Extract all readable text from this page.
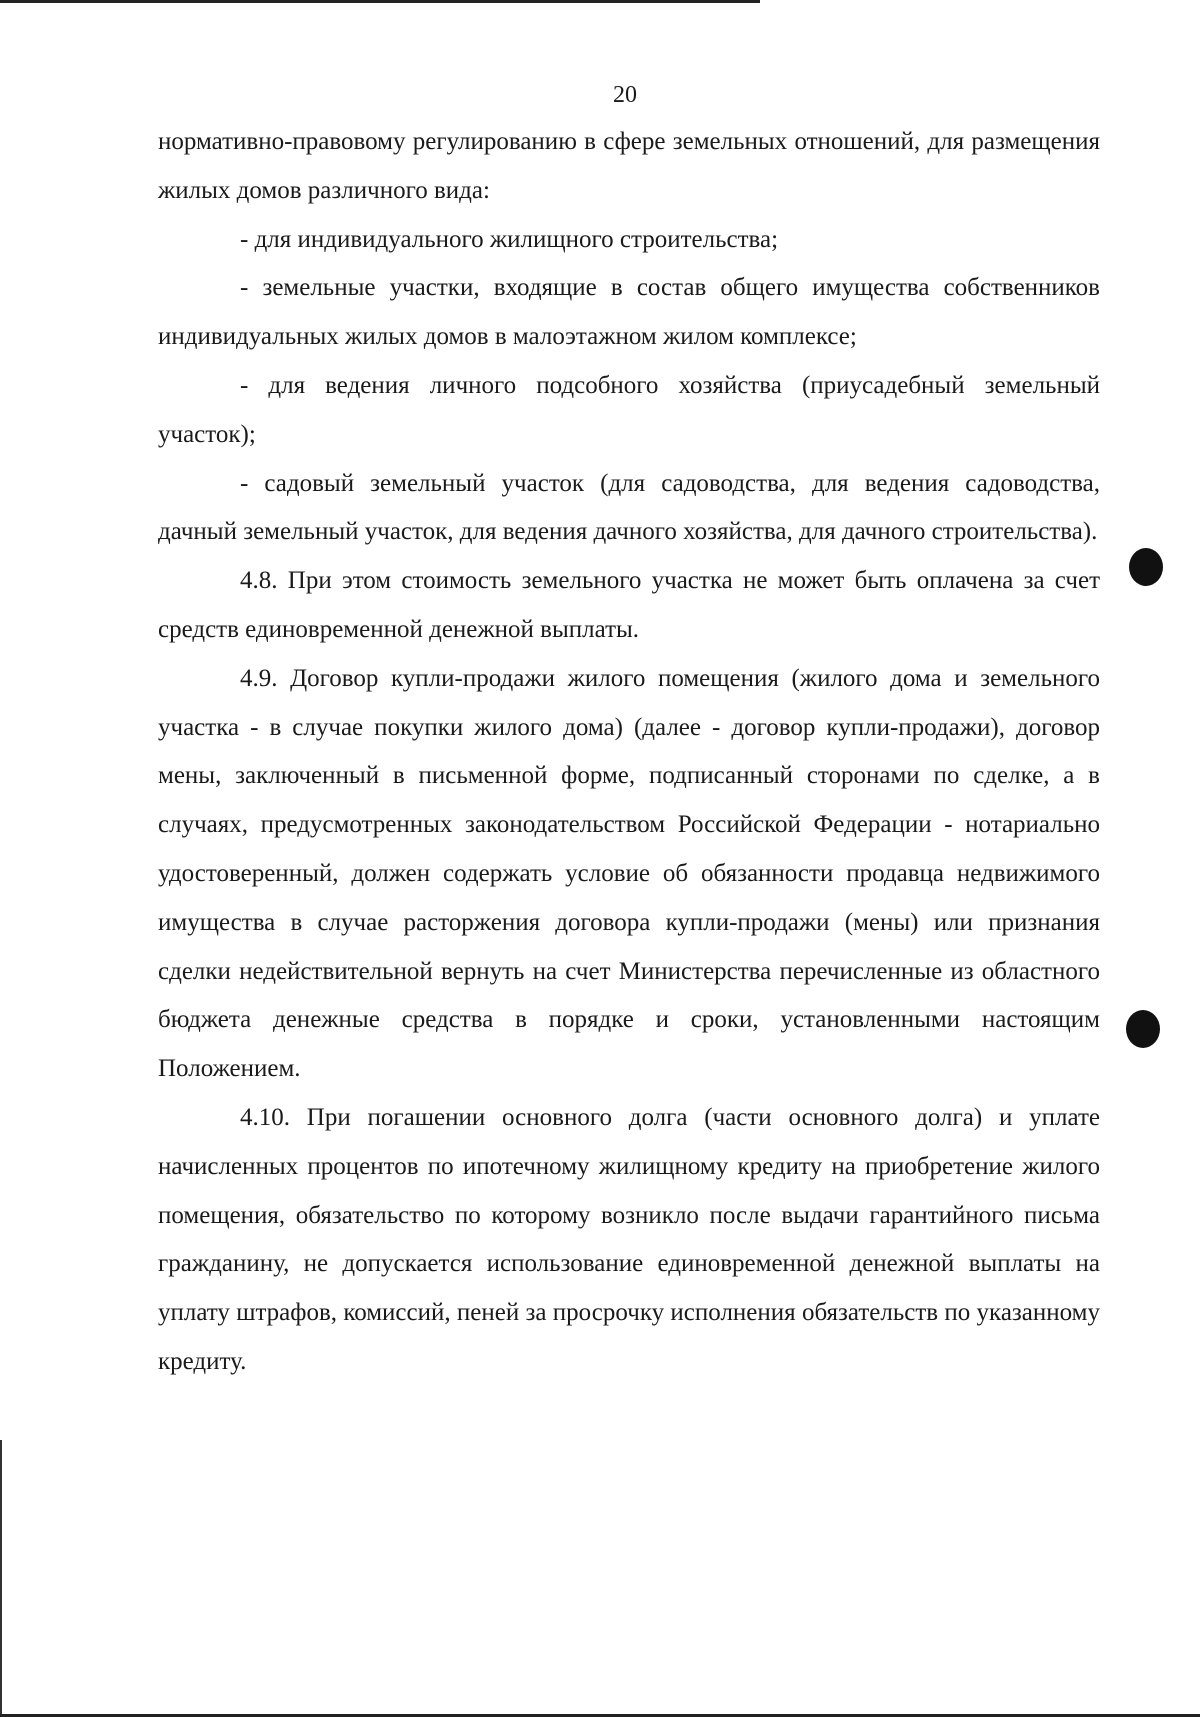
20

нормативно-правовому регулированию в сфере земельных отношений, для размещения жилых домов различного вида:

- для индивидуального жилищного строительства;

- земельные участки, входящие в состав общего имущества собственников индивидуальных жилых домов в малоэтажном жилом комплексе;

- для ведения личного подсобного хозяйства (приусадебный земельный участок);

- садовый земельный участок (для садоводства, для ведения садоводства, дачный земельный участок, для ведения дачного хозяйства, для дачного строительства).

4.8. При этом стоимость земельного участка не может быть оплачена за счет средств единовременной денежной выплаты.

4.9. Договор купли-продажи жилого помещения (жилого дома и земельного участка - в случае покупки жилого дома) (далее - договор купли-продажи), договор мены, заключенный в письменной форме, подписанный сторонами по сделке, а в случаях, предусмотренных законодательством Российской Федерации - нотариально удостоверенный, должен содержать условие об обязанности продавца недвижимого имущества в случае расторжения договора купли-продажи (мены) или признания сделки недействительной вернуть на счет Министерства перечисленные из областного бюджета денежные средства в порядке и сроки, установленными настоящим Положением.

4.10. При погашении основного долга (части основного долга) и уплате начисленных процентов по ипотечному жилищному кредиту на приобретение жилого помещения, обязательство по которому возникло после выдачи гарантийного письма гражданину, не допускается использование единовременной денежной выплаты на уплату штрафов, комиссий, пеней за просрочку исполнения обязательств по указанному кредиту.
